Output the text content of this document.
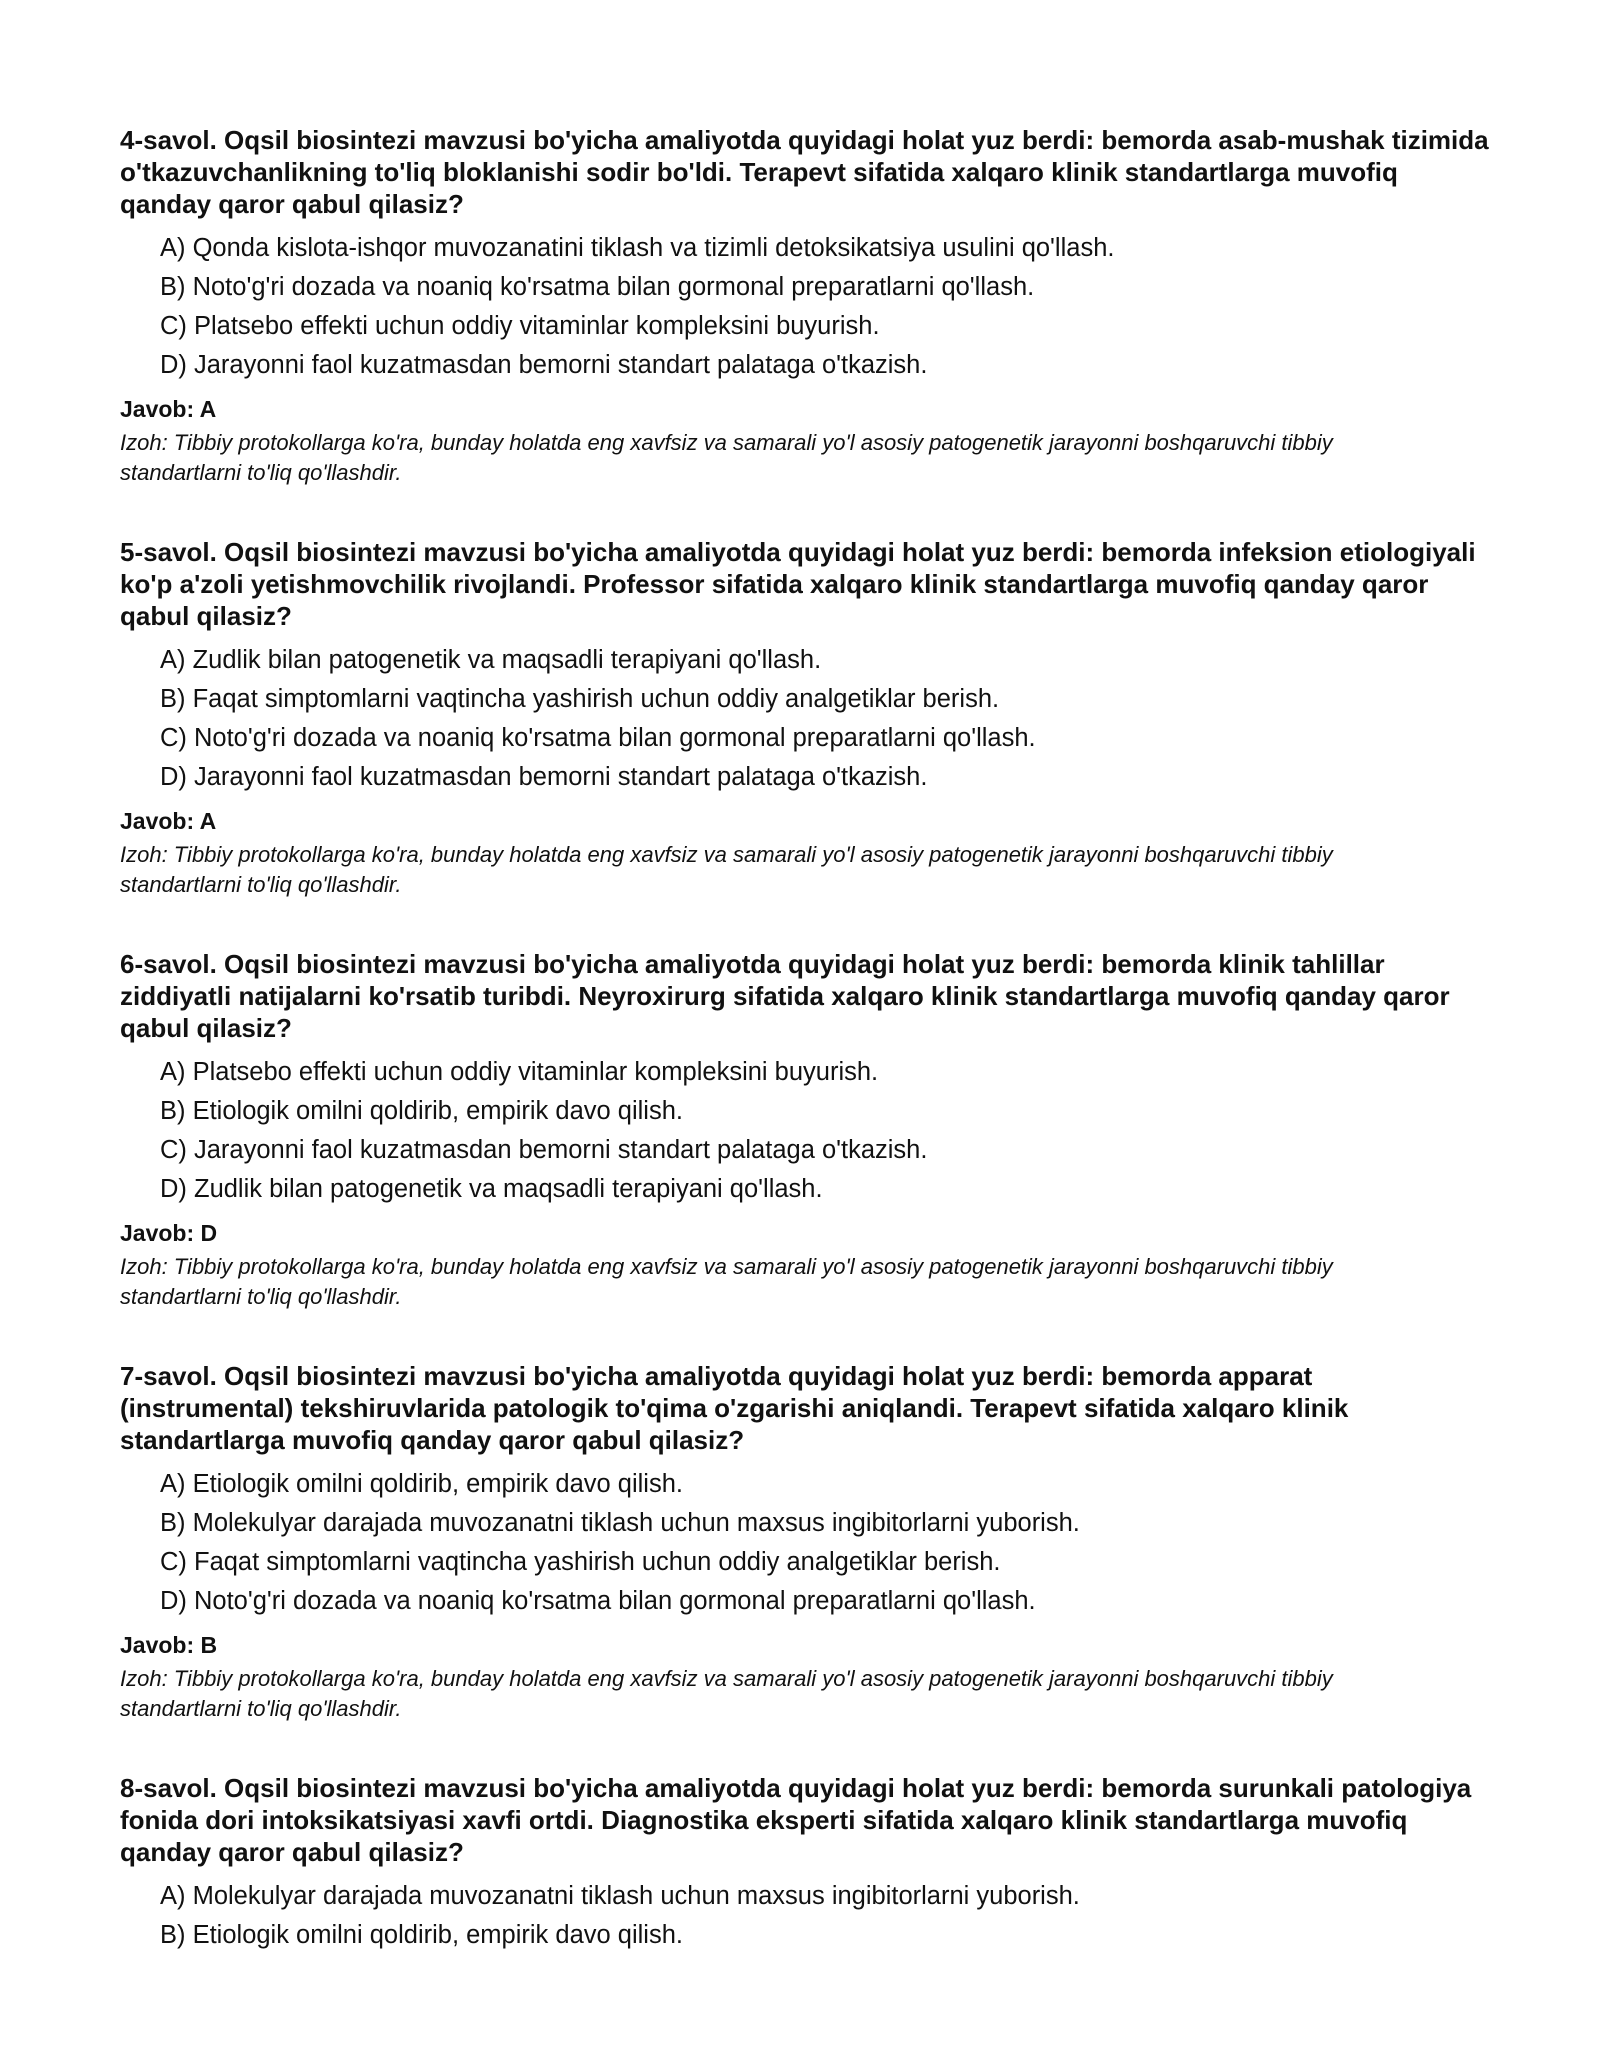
4-savol. Oqsil biosintezi mavzusi bo'yicha amaliyotda quyidagi holat yuz berdi: bemorda asab-mushak tizimida o'tkazuvchanlikning to'liq bloklanishi sodir bo'ldi. Terapevt sifatida xalqaro klinik standartlarga muvofiq qanday qaror qabul qilasiz?
A) Qonda kislota-ishqor muvozanatini tiklash va tizimli detoksikatsiya usulini qo'llash.
B) Noto'g'ri dozada va noaniq ko'rsatma bilan gormonal preparatlarni qo'llash.
C) Platsebo effekti uchun oddiy vitaminlar kompleksini buyurish.
D) Jarayonni faol kuzatmasdan bemorni standart palataga o'tkazish.
Javob: A
Izoh: Tibbiy protokollarga ko'ra, bunday holatda eng xavfsiz va samarali yo'l asosiy patogenetik jarayonni boshqaruvchi tibbiy standartlarni to'liq qo'llashdir.
5-savol. Oqsil biosintezi mavzusi bo'yicha amaliyotda quyidagi holat yuz berdi: bemorda infeksion etiologiyali ko'p a'zoli yetishmovchilik rivojlandi. Professor sifatida xalqaro klinik standartlarga muvofiq qanday qaror qabul qilasiz?
A) Zudlik bilan patogenetik va maqsadli terapiyani qo'llash.
B) Faqat simptomlarni vaqtincha yashirish uchun oddiy analgetiklar berish.
C) Noto'g'ri dozada va noaniq ko'rsatma bilan gormonal preparatlarni qo'llash.
D) Jarayonni faol kuzatmasdan bemorni standart palataga o'tkazish.
Javob: A
Izoh: Tibbiy protokollarga ko'ra, bunday holatda eng xavfsiz va samarali yo'l asosiy patogenetik jarayonni boshqaruvchi tibbiy standartlarni to'liq qo'llashdir.
6-savol. Oqsil biosintezi mavzusi bo'yicha amaliyotda quyidagi holat yuz berdi: bemorda klinik tahlillar ziddiyatli natijalarni ko'rsatib turibdi. Neyroxirurg sifatida xalqaro klinik standartlarga muvofiq qanday qaror qabul qilasiz?
A) Platsebo effekti uchun oddiy vitaminlar kompleksini buyurish.
B) Etiologik omilni qoldirib, empirik davo qilish.
C) Jarayonni faol kuzatmasdan bemorni standart palataga o'tkazish.
D) Zudlik bilan patogenetik va maqsadli terapiyani qo'llash.
Javob: D
Izoh: Tibbiy protokollarga ko'ra, bunday holatda eng xavfsiz va samarali yo'l asosiy patogenetik jarayonni boshqaruvchi tibbiy standartlarni to'liq qo'llashdir.
7-savol. Oqsil biosintezi mavzusi bo'yicha amaliyotda quyidagi holat yuz berdi: bemorda apparat (instrumental) tekshiruvlarida patologik to'qima o'zgarishi aniqlandi. Terapevt sifatida xalqaro klinik standartlarga muvofiq qanday qaror qabul qilasiz?
A) Etiologik omilni qoldirib, empirik davo qilish.
B) Molekulyar darajada muvozanatni tiklash uchun maxsus ingibitorlarni yuborish.
C) Faqat simptomlarni vaqtincha yashirish uchun oddiy analgetiklar berish.
D) Noto'g'ri dozada va noaniq ko'rsatma bilan gormonal preparatlarni qo'llash.
Javob: B
Izoh: Tibbiy protokollarga ko'ra, bunday holatda eng xavfsiz va samarali yo'l asosiy patogenetik jarayonni boshqaruvchi tibbiy standartlarni to'liq qo'llashdir.
8-savol. Oqsil biosintezi mavzusi bo'yicha amaliyotda quyidagi holat yuz berdi: bemorda surunkali patologiya fonida dori intoksikatsiyasi xavfi ortdi. Diagnostika eksperti sifatida xalqaro klinik standartlarga muvofiq qanday qaror qabul qilasiz?
A) Molekulyar darajada muvozanatni tiklash uchun maxsus ingibitorlarni yuborish.
B) Etiologik omilni qoldirib, empirik davo qilish.
